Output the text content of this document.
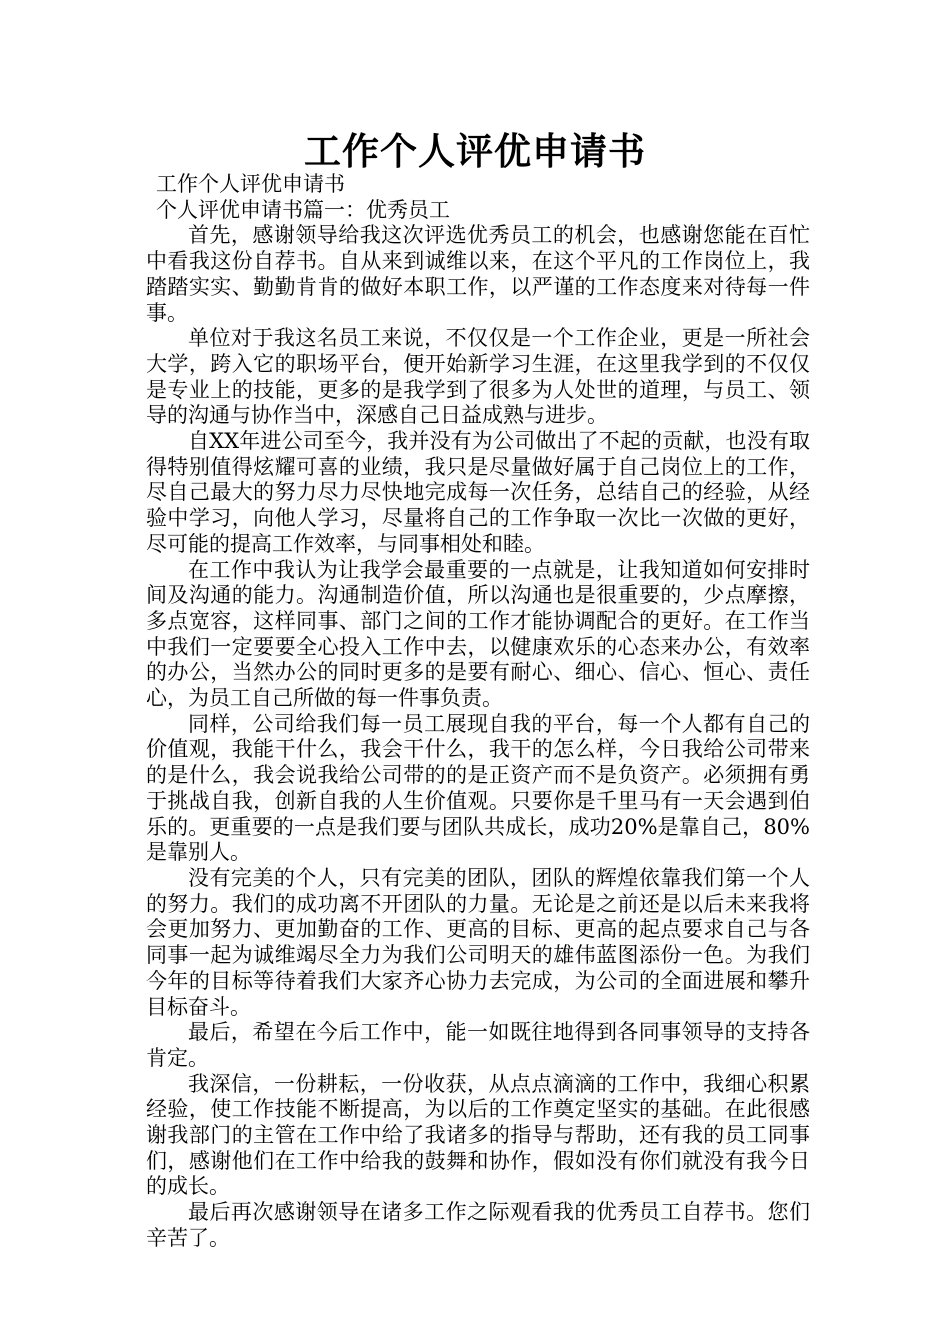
工作个人评优申请书

工作个人评优申请书

个人评优申请书篇一：优秀员工

首先，感谢领导给我这次评选优秀员工的机会，也感谢您能在百忙中看我这份自荐书。自从来到诚维以来，在这个平凡的工作岗位上，我踏踏实实、勤勤肯肯的做好本职工作，以严谨的工作态度来对待每一件事。

单位对于我这名员工来说，不仅仅是一个工作企业，更是一所社会大学，跨入它的职场平台，便开始新学习生涯，在这里我学到的不仅仅是专业上的技能，更多的是我学到了很多为人处世的道理，与员工、领导的沟通与协作当中，深感自己日益成熟与进步。

自XX年进公司至今，我并没有为公司做出了不起的贡献，也没有取得特别值得炫耀可喜的业绩，我只是尽量做好属于自己岗位上的工作，尽自己最大的努力尽力尽快地完成每一次任务，总结自己的经验，从经验中学习，向他人学习，尽量将自己的工作争取一次比一次做的更好，尽可能的提高工作效率，与同事相处和睦。

在工作中我认为让我学会最重要的一点就是，让我知道如何安排时间及沟通的能力。沟通制造价值，所以沟通也是很重要的，少点摩擦，多点宽容，这样同事、部门之间的工作才能协调配合的更好。在工作当中我们一定要要全心投入工作中去，以健康欢乐的心态来办公，有效率的办公，当然办公的同时更多的是要有耐心、细心、信心、恒心、责任心，为员工自己所做的每一件事负责。

同样，公司给我们每一员工展现自我的平台，每一个人都有自己的价值观，我能干什么，我会干什么，我干的怎么样，今日我给公司带来的是什么，我会说我给公司带的的是正资产而不是负资产。必须拥有勇于挑战自我，创新自我的人生价值观。只要你是千里马有一天会遇到伯乐的。更重要的一点是我们要与团队共成长，成功20%是靠自己，80%是靠别人。

没有完美的个人，只有完美的团队，团队的辉煌依靠我们第一个人的努力。我们的成功离不开团队的力量。无论是之前还是以后未来我将会更加努力、更加勤奋的工作、更高的目标、更高的起点要求自己与各同事一起为诚维竭尽全力为我们公司明天的雄伟蓝图添份一色。为我们今年的目标等待着我们大家齐心协力去完成，为公司的全面进展和攀升目标奋斗。

最后，希望在今后工作中，能一如既往地得到各同事领导的支持各肯定。

我深信，一份耕耘，一份收获，从点点滴滴的工作中，我细心积累经验，使工作技能不断提高，为以后的工作奠定坚实的基础。在此很感谢我部门的主管在工作中给了我诸多的指导与帮助，还有我的员工同事们，感谢他们在工作中给我的鼓舞和协作，假如没有你们就没有我今日的成长。

最后再次感谢领导在诸多工作之际观看我的优秀员工自荐书。您们辛苦了。
